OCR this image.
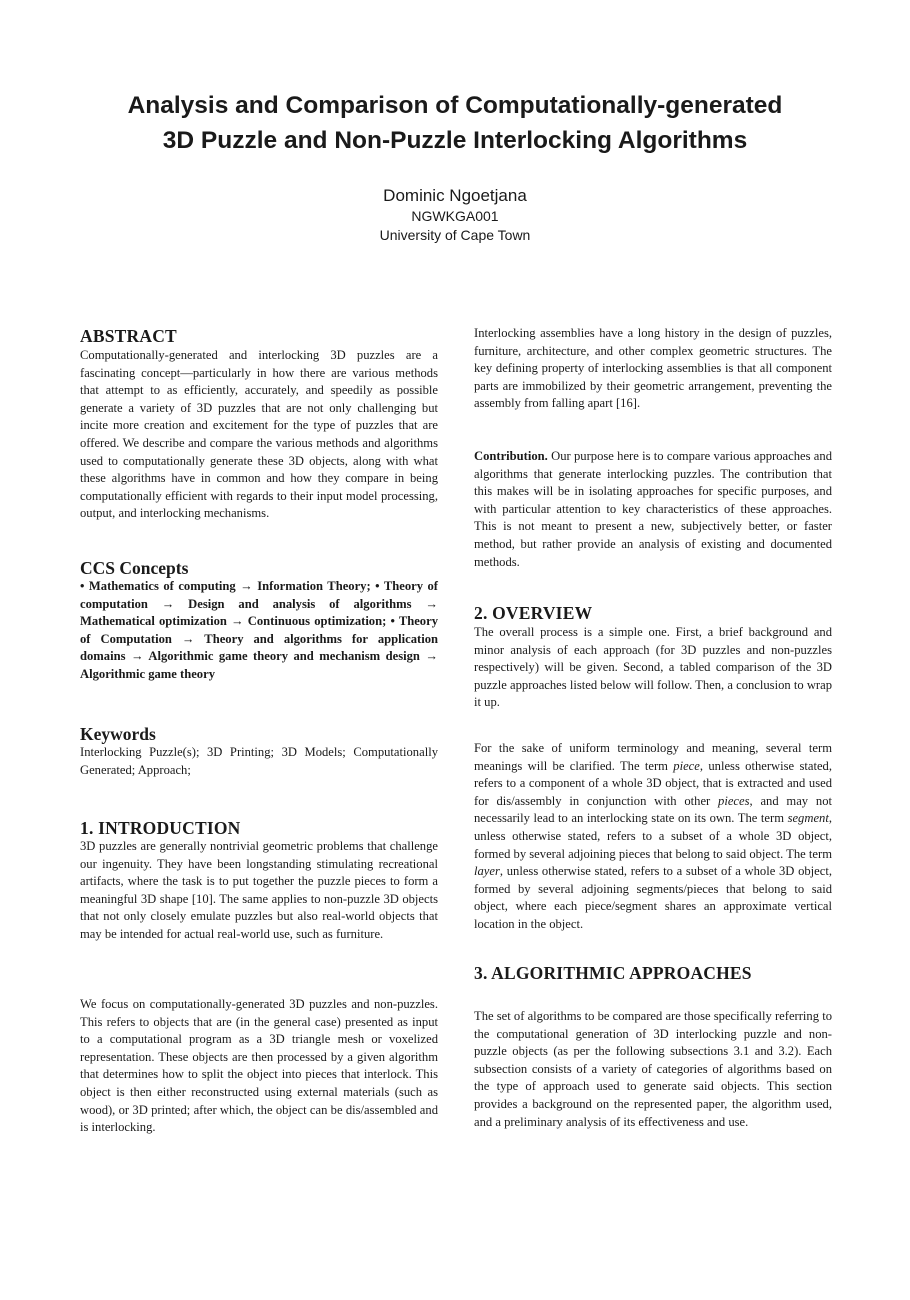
Analysis and Comparison of Computationally-generated
3D Puzzle and Non-Puzzle Interlocking Algorithms
Dominic Ngoetjana
NGWKGA001
University of Cape Town
ABSTRACT

Computationally-generated and interlocking 3D puzzles are a fascinating concept—particularly in how there are various methods that attempt to as efficiently, accurately, and speedily as possible generate a variety of 3D puzzles that are not only challenging but incite more creation and excitement for the type of puzzles that are offered. We describe and compare the various methods and algorithms used to computationally generate these 3D objects, along with what these algorithms have in common and how they compare in being computationally efficient with regards to their input model processing, output, and interlocking mechanisms.

CCS Concepts

• Mathematics of computing → Information Theory; • Theory of computation → Design and analysis of algorithms → Mathematical optimization → Continuous optimization; • Theory of Computation → Theory and algorithms for application domains → Algorithmic game theory and mechanism design → Algorithmic game theory

Keywords

Interlocking Puzzle(s); 3D Printing; 3D Models; Computationally Generated; Approach;

1. INTRODUCTION

3D puzzles are generally nontrivial geometric problems that challenge our ingenuity. They have been longstanding stimulating recreational artifacts, where the task is to put together the puzzle pieces to form a meaningful 3D shape [10]. The same applies to non-puzzle 3D objects that not only closely emulate puzzles but also real-world objects that may be intended for actual real-world use, such as furniture.

We focus on computationally-generated 3D puzzles and non-puzzles. This refers to objects that are (in the general case) presented as input to a computational program as a 3D triangle mesh or voxelized representation. These objects are then processed by a given algorithm that determines how to split the object into pieces that interlock. This object is then either reconstructed using external materials (such as wood), or 3D printed; after which, the object can be dis/assembled and is interlocking.

Interlocking assemblies have a long history in the design of puzzles, furniture, architecture, and other complex geometric structures. The key defining property of interlocking assemblies is that all component parts are immobilized by their geometric arrangement, preventing the assembly from falling apart [16].

Contribution. Our purpose here is to compare various approaches and algorithms that generate interlocking puzzles. The contribution that this makes will be in isolating approaches for specific purposes, and with particular attention to key characteristics of these approaches. This is not meant to present a new, subjectively better, or faster method, but rather provide an analysis of existing and documented methods.

2. OVERVIEW

The overall process is a simple one. First, a brief background and minor analysis of each approach (for 3D puzzles and non-puzzles respectively) will be given. Second, a tabled comparison of the 3D puzzle approaches listed below will follow. Then, a conclusion to wrap it up.

For the sake of uniform terminology and meaning, several term meanings will be clarified. The term piece, unless otherwise stated, refers to a component of a whole 3D object, that is extracted and used for dis/assembly in conjunction with other pieces, and may not necessarily lead to an interlocking state on its own. The term segment, unless otherwise stated, refers to a subset of a whole 3D object, formed by several adjoining pieces that belong to said object. The term layer, unless otherwise stated, refers to a subset of a whole 3D object, formed by several adjoining segments/pieces that belong to said object, where each piece/segment shares an approximate vertical location in the object.

3. ALGORITHMIC APPROACHES

The set of algorithms to be compared are those specifically referring to the computational generation of 3D interlocking puzzle and non-puzzle objects (as per the following subsections 3.1 and 3.2). Each subsection consists of a variety of categories of algorithms based on the type of approach used to generate said objects. This section provides a background on the represented paper, the algorithm used, and a preliminary analysis of its effectiveness and use.
